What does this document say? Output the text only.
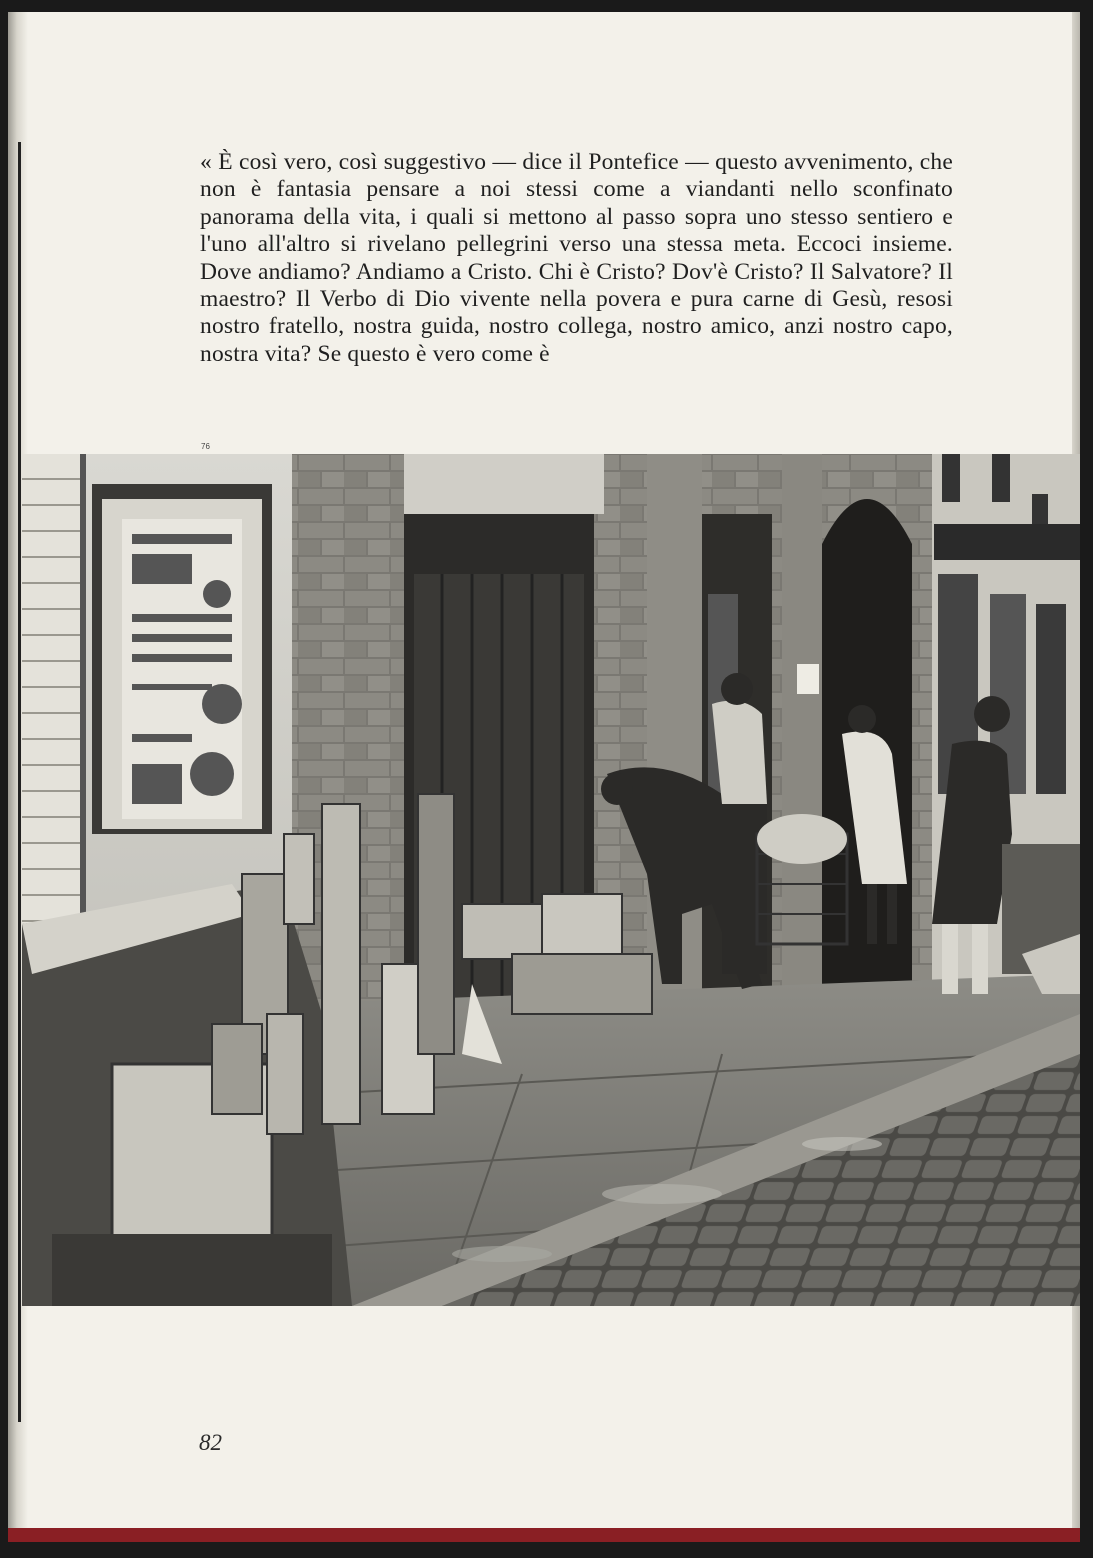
« È così vero, così suggestivo — dice il Pontefice — questo avvenimento, che non è fantasia pensare a noi stessi come a viandanti nello sconfinato panorama della vita, i quali si mettono al passo sopra uno stesso sentiero e l'uno all'altro si rivelano pellegrini verso una stessa meta. Eccoci insieme. Dove andiamo? Andiamo a Cristo. Chi è Cristo? Dov'è Cristo? Il Salvatore? Il maestro? Il Verbo di Dio vivente nella povera e pura carne di Gesù, resosi nostro fratello, nostra guida, nostro collega, nostro amico, anzi nostro capo, nostra vita? Se questo è vero come è

76
82
